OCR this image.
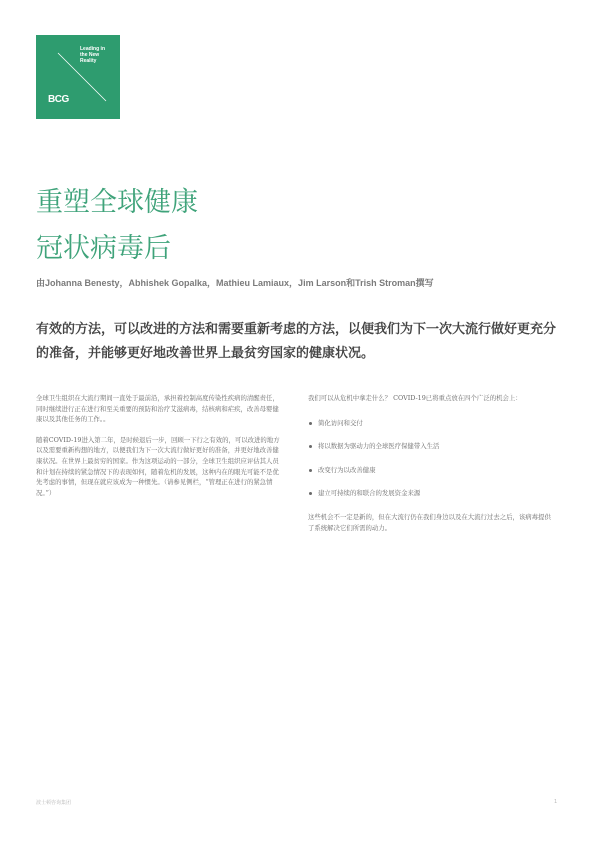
Leading in
the New
Reality
BCG
重塑全球健康
冠状病毒后
由Johanna Benesty，Abhishek Gopalka，Mathieu Lamiaux，Jim Larson和Trish Stroman撰写

有效的方法，可以改进的方法和需要重新考虑的方法，以便我们为下一次大流行做好更充分的准备，并能够更好地改善世界上最贫穷国家的健康状况。

全球卫生组织在大流行期间一直处于最前沿，承担着控制高度传染性疾病的清醒责任，同时继续进行正在进行和至关重要的预防和治疗艾滋病毒，结核病和疟疾，改善母婴健康以及其他任务的工作。。

随着COVID-19进入第二年，是时候退后一步，回顾一下行之有效的，可以改进的地方以及需要重新构想的地方，以便我们为下一次大流行做好更好的准备，并更好地改善健康状况。在世界上最贫穷的国家。作为这项运动的一部分，全球卫生组织应评估其人员和计划在持续的紧急情况下的表现如何，随着危机的发展，这种内在的眼光可能不是优先考虑的事情，但现在就应该成为一种惯先。（请参见侧栏，“管理正在进行的紧急情况。”）

我们可以从危机中拿走什么？ COVID-19已将重点放在四个广泛的机会上：

简化访问和交付
将以数据为驱动力的全球医疗保健带入生活
改变行为以改善健康
建立可持续的和联合的发展资金来源

这些机会不一定是新的，但在大流行仍在我们身边以及在大流行过去之后，该病毒提供了系统解决它们所需的动力。

波士顿咨询集团	1
